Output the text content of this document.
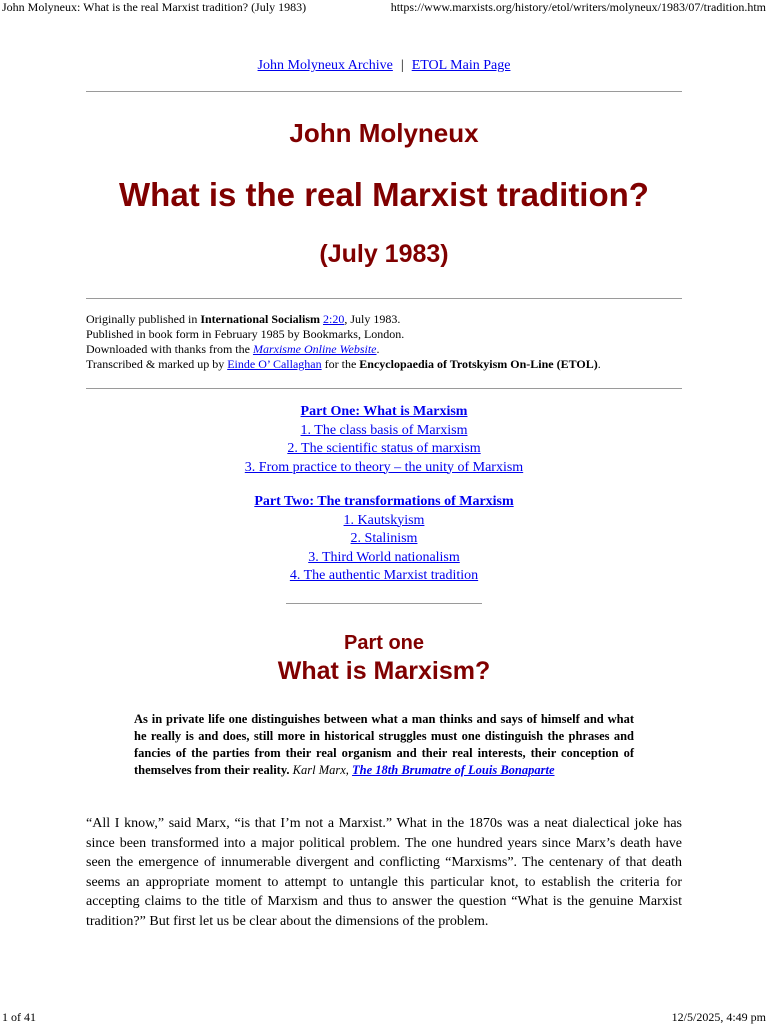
John Molyneux: What is the real Marxist tradition? (July 1983)	https://www.marxists.org/history/etol/writers/molyneux/1983/07/tradition.htm
John Molyneux Archive | ETOL Main Page
John Molyneux
What is the real Marxist tradition?
(July 1983)
Originally published in International Socialism 2:20, July 1983.
Published in book form in February 1985 by Bookmarks, London.
Downloaded with thanks from the Marxisme Online Website.
Transcribed & marked up by Einde O’ Callaghan for the Encyclopaedia of Trotskyism On-Line (ETOL).
Part One: What is Marxism
1. The class basis of Marxism
2. The scientific status of marxism
3. From practice to theory – the unity of Marxism
Part Two: The transformations of Marxism
1. Kautskyism
2. Stalinism
3. Third World nationalism
4. The authentic Marxist tradition
Part one
What is Marxism?
As in private life one distinguishes between what a man thinks and says of himself and what he really is and does, still more in historical struggles must one distinguish the phrases and fancies of the parties from their real organism and their real interests, their conception of themselves from their reality. Karl Marx, The 18th Brumatre of Louis Bonaparte

“All I know,” said Marx, “is that I’m not a Marxist.” What in the 1870s was a neat dialectical joke has since been transformed into a major political problem. The one hundred years since Marx’s death have seen the emergence of innumerable divergent and conflicting “Marxisms”. The centenary of that death seems an appropriate moment to attempt to untangle this particular knot, to establish the criteria for accepting claims to the title of Marxism and thus to answer the question “What is the genuine Marxist tradition?” But first let us be clear about the dimensions of the problem.

1 of 41	12/5/2025, 4:49 pm
